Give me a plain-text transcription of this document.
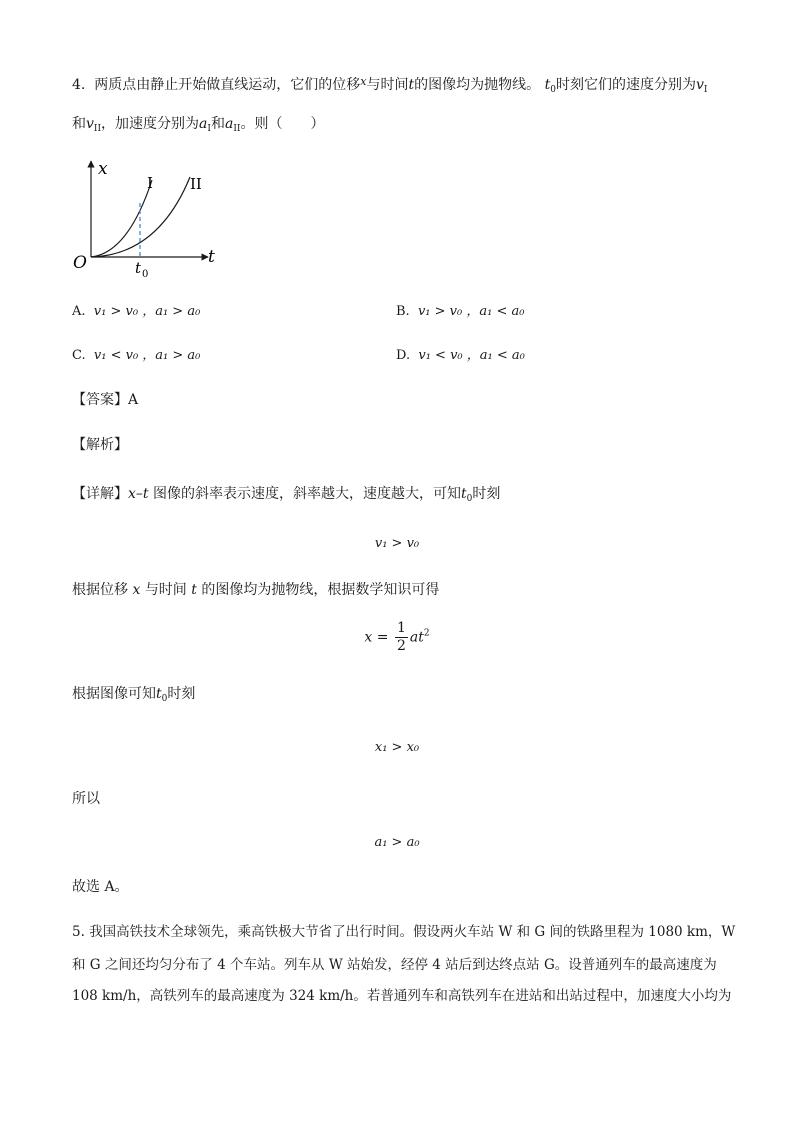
4. 两质点由静止开始做直线运动，它们的位移$^x$与时间t的图像均为抛物线。 $t_0$时刻它们的速度分别为$v_I$
和$v_{II}$，加速度分别为$a_I$和$a_{II}$。则（　　）
x
t
O
I II
t 0
A. v₁ > v₀ ，a₁ > a₀	B. v₁ > v₀ ，a₁ < a₀
C. v₁ < v₀ ，a₁ > a₀	D. v₁ < v₀ ，a₁ < a₀
【答案】A
【解析】
【详解】x–t 图像的斜率表示速度，斜率越大，速度越大，可知$t_0$时刻
v₁ > v₀
根据位移 x 与时间 t 的图像均为抛物线，根据数学知识可得
$x = \frac{1}{2} at^2$
根据图像可知$t_0$时刻
x₁ > x₀
所以
a₁ > a₀
故选 A。
5. 我国高铁技术全球领先，乘高铁极大节省了出行时间。假设两火车站 W 和 G 间的铁路里程为 1080 km，W
和 G 之间还均匀分布了 4 个车站。列车从 W 站始发，经停 4 站后到达终点站 G。设普通列车的最高速度为
108 km/h，高铁列车的最高速度为 324 km/h。若普通列车和高铁列车在进站和出站过程中，加速度大小均为
